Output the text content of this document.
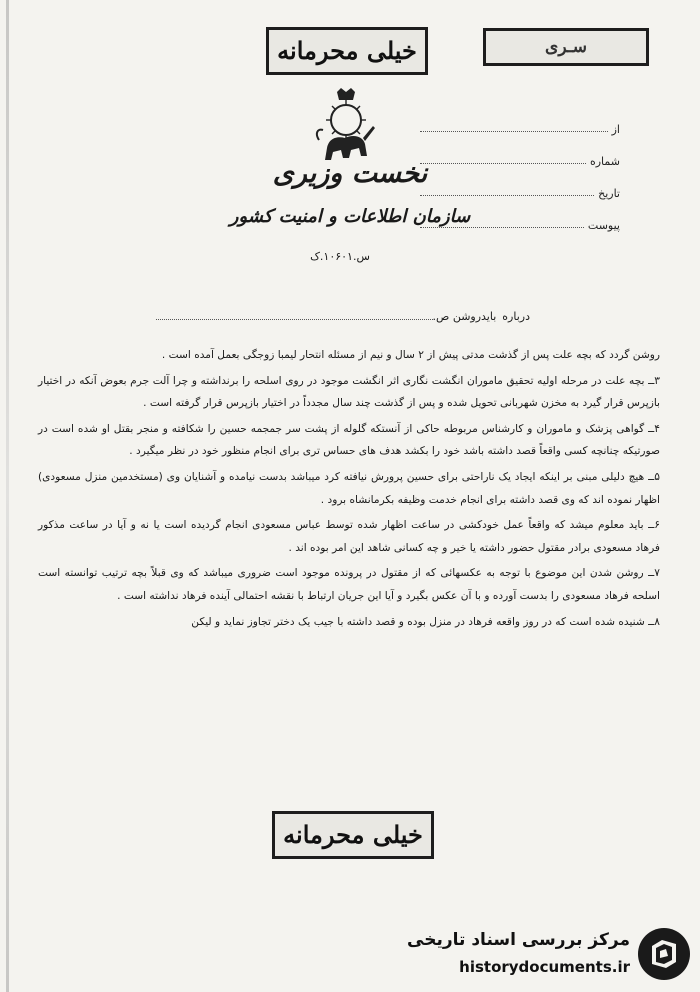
خیلی محرمانه	سـری
نخست وزیری
سازمان اطلاعات و امنیت کشور
س.۱۰۶۰۱.ک
از
شماره
تاریخ
پیوست
درباره
بایدروشن ص.

روشن گردد که بچه علت پس از گذشت مدتی پیش از ۲ سال و نیم از مسئله انتحار لیمبا زوجگی بعمل آمده است .

۳ــ بچه علت در مرحله اولیه تحقیق ماموران انگشت نگاری اثر انگشت موجود در روی اسلحه را برنداشته و چرا آلت جرم بعوض آنکه در اختیار بازپرس قرار گیرد به مخزن شهربانی تحویل شده و پس از گذشت چند سال مجدداً در اختیار بازپرس قرار گرفته است .

۴ــ گواهی پزشک و ماموران و کارشناس مربوطه حاکی از آنستکه گلوله از پشت سر جمجمه حسین را شکافته و منجر بقتل او شده است در صورتیکه چنانچه کسی واقعاً قصد داشته باشد خود را بکشد هدف های حساس تری برای انجام منظور خود در نظر میگیرد .

۵ــ هیچ دلیلی مبنی بر اینکه ایجاد یک ناراحتی برای حسین پرورش نیافته کرد میباشد بدست نیامده و آشنایان وی (مستخدمین منزل مسعودی) اظهار نموده اند که وی قصد داشته برای انجام خدمت وظیفه بکرمانشاه برود .

۶ــ باید معلوم میشد که واقعاً عمل خودکشی در ساعت اظهار شده توسط عباس مسعودی انجام گردیده است یا نه و آیا در ساعت مذکور فرهاد مسعودی برادر مقتول حضور داشته یا خیر و چه کسانی شاهد این امر بوده اند .

۷ــ روشن شدن این موضوع با توجه به عکسهائی که از مقتول در پرونده موجود است ضروری میباشد که وی قبلاً بچه ترتیب توانسته است اسلحه فرهاد مسعودی را بدست آورده و با آن عکس بگیرد و آیا این جریان ارتباط با نقشه احتمالی آینده فرهاد نداشته است .

۸ــ شنیده شده است که در روز واقعه فرهاد در منزل بوده و قصد داشته با جیب یک دختر تجاوز نماید و لیکن

خیلی محرمانه
مرکز بررسی اسناد تاریخی
historydocuments.ir
